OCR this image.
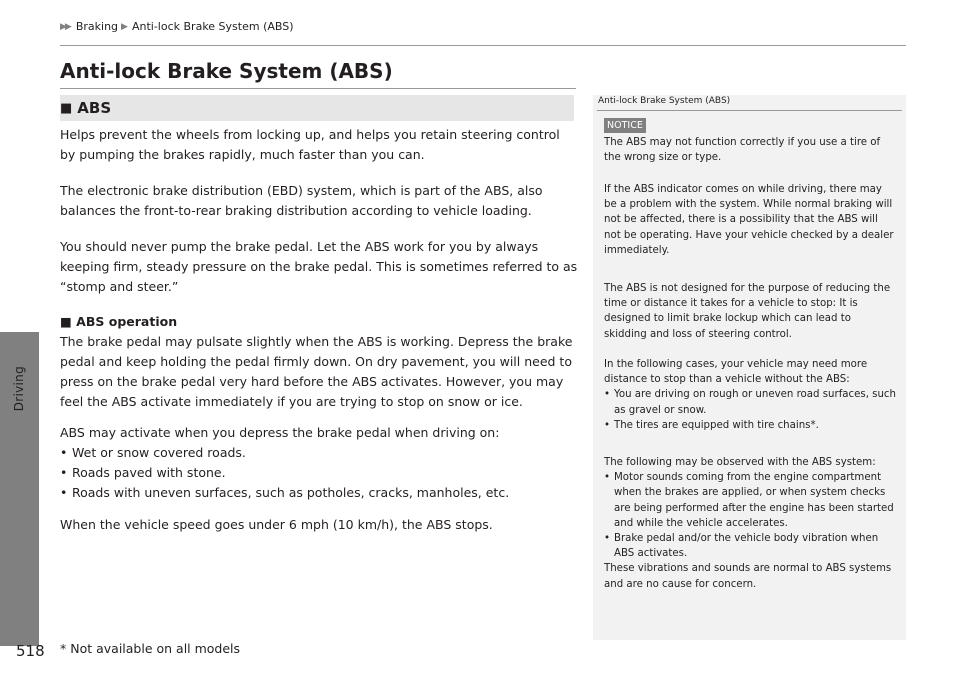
Driving
518
▶▶ Braking ▶ Anti-lock Brake System (ABS)
Anti-lock Brake System (ABS)
■ ABS

Helps prevent the wheels from locking up, and helps you retain steering control by pumping the brakes rapidly, much faster than you can.

The electronic brake distribution (EBD) system, which is part of the ABS, also balances the front-to-rear braking distribution according to vehicle loading.

You should never pump the brake pedal. Let the ABS work for you by always keeping firm, steady pressure on the brake pedal. This is sometimes referred to as “stomp and steer.”

■ ABS operation

The brake pedal may pulsate slightly when the ABS is working. Depress the brake pedal and keep holding the pedal firmly down. On dry pavement, you will need to press on the brake pedal very hard before the ABS activates. However, you may feel the ABS activate immediately if you are trying to stop on snow or ice.

ABS may activate when you depress the brake pedal when driving on:

• Wet or snow covered roads.
• Roads paved with stone.
• Roads with uneven surfaces, such as potholes, cracks, manholes, etc.

When the vehicle speed goes under 6 mph (10 km/h), the ABS stops.

Anti-lock Brake System (ABS)
NOTICE

The ABS may not function correctly if you use a tire of the wrong size or type.

If the ABS indicator comes on while driving, there may be a problem with the system. While normal braking will not be affected, there is a possibility that the ABS will not be operating. Have your vehicle checked by a dealer immediately.

The ABS is not designed for the purpose of reducing the time or distance it takes for a vehicle to stop: It is designed to limit brake lockup which can lead to skidding and loss of steering control.

In the following cases, your vehicle may need more distance to stop than a vehicle without the ABS:

• You are driving on rough or uneven road surfaces, such as gravel or snow.
• The tires are equipped with tire chains*.

The following may be observed with the ABS system:

• Motor sounds coming from the engine compartment when the brakes are applied, or when system checks are being performed after the engine has been started and while the vehicle accelerates.
• Brake pedal and/or the vehicle body vibration when ABS activates.

These vibrations and sounds are normal to ABS systems and are no cause for concern.

* Not available on all models
